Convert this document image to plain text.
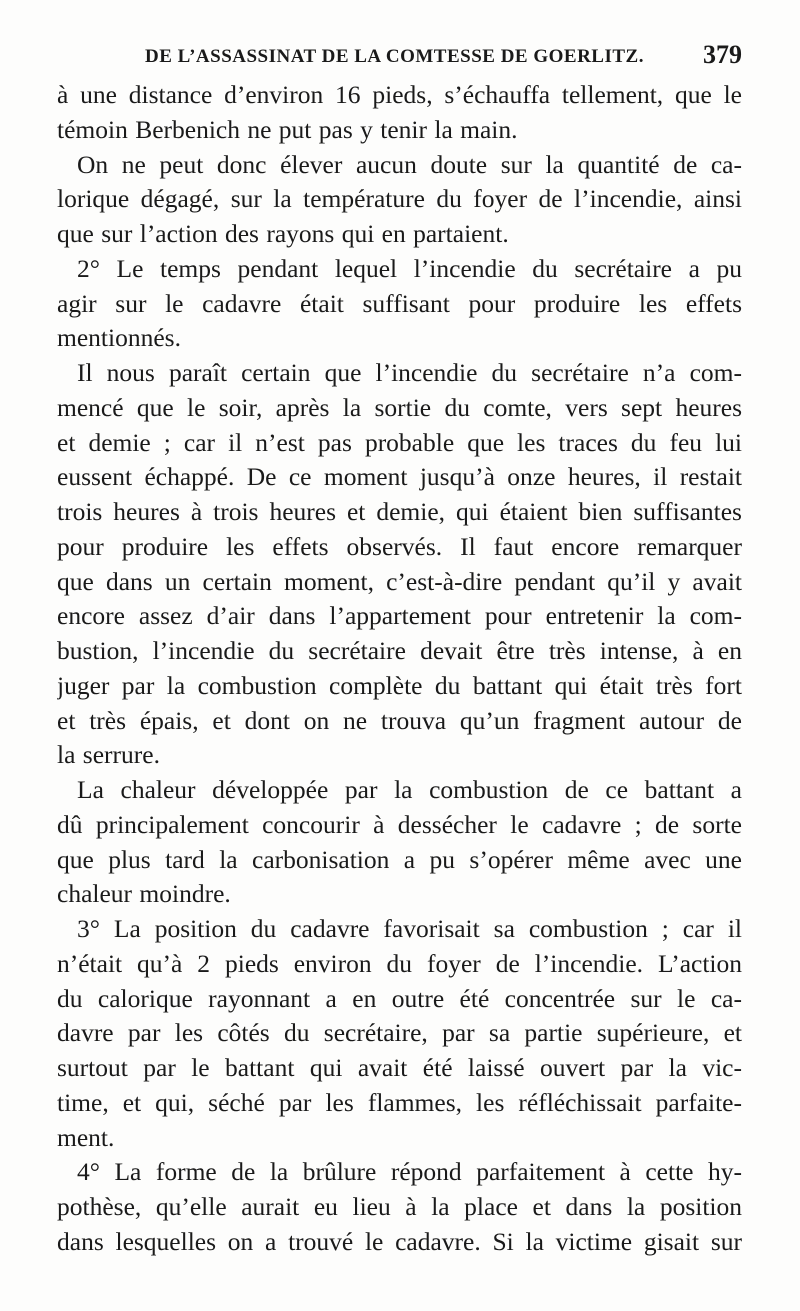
DE L’ASSASSINAT DE LA COMTESSE DE GOERLITZ. 379
à une distance d’environ 16 pieds, s’échauffa tellement, que le
témoin Berbenich ne put pas y tenir la main.
On ne peut donc élever aucun doute sur la quantité de ca-
lorique dégagé, sur la température du foyer de l’incendie, ainsi
que sur l’action des rayons qui en partaient.
2° Le temps pendant lequel l’incendie du secrétaire a pu
agir sur le cadavre était suffisant pour produire les effets
mentionnés.
Il nous paraît certain que l’incendie du secrétaire n’a com-
mencé que le soir, après la sortie du comte, vers sept heures
et demie ; car il n’est pas probable que les traces du feu lui
eussent échappé. De ce moment jusqu’à onze heures, il restait
trois heures à trois heures et demie, qui étaient bien suffisantes
pour produire les effets observés. Il faut encore remarquer
que dans un certain moment, c’est-à-dire pendant qu’il y avait
encore assez d’air dans l’appartement pour entretenir la com-
bustion, l’incendie du secrétaire devait être très intense, à en
juger par la combustion complète du battant qui était très fort
et très épais, et dont on ne trouva qu’un fragment autour de
la serrure.
La chaleur développée par la combustion de ce battant a
dû principalement concourir à dessécher le cadavre ; de sorte
que plus tard la carbonisation a pu s’opérer même avec une
chaleur moindre.
3° La position du cadavre favorisait sa combustion ; car il
n’était qu’à 2 pieds environ du foyer de l’incendie. L’action
du calorique rayonnant a en outre été concentrée sur le ca-
davre par les côtés du secrétaire, par sa partie supérieure, et
surtout par le battant qui avait été laissé ouvert par la vic-
time, et qui, séché par les flammes, les réfléchissait parfaite-
ment.
4° La forme de la brûlure répond parfaitement à cette hy-
pothèse, qu’elle aurait eu lieu à la place et dans la position
dans lesquelles on a trouvé le cadavre. Si la victime gisait sur
